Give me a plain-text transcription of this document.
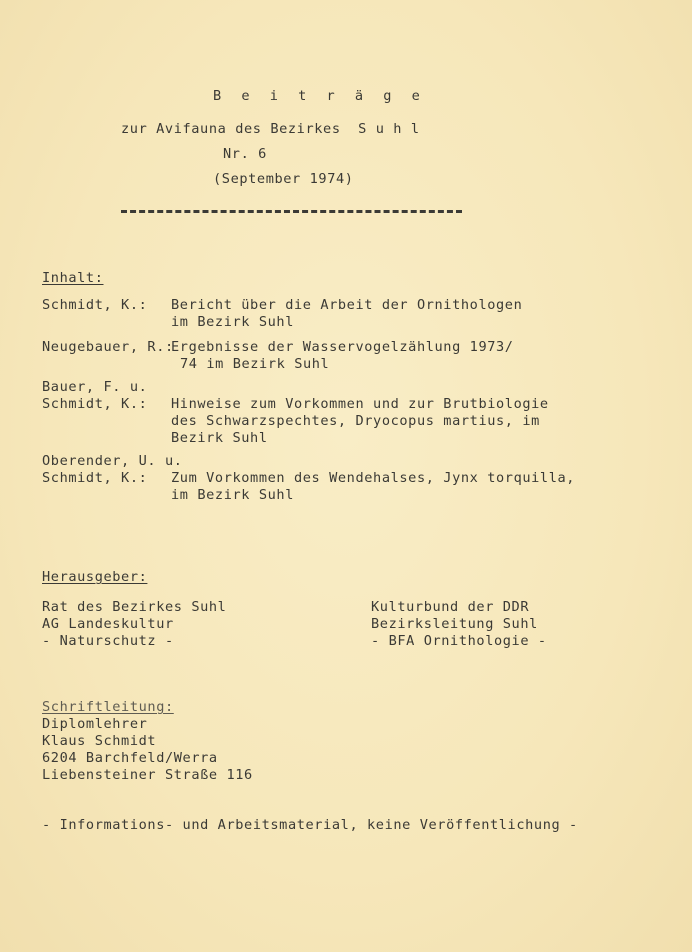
B e i t r ä g e
zur Avifauna des Bezirkes  S u h l
Nr. 6
(September 1974)
Inhalt:
Schmidt, K.: Bericht über die Arbeit der Ornithologen
im Bezirk Suhl
Neugebauer, R.:
Ergebnisse der Wasservogelzählung 1973/
74 im Bezirk Suhl
Bauer, F. u.
Schmidt, K.: Hinweise zum Vorkommen und zur Brutbiologie
des Schwarzspechtes, Dryocopus martius, im
Bezirk Suhl
Oberender, U. u.
Schmidt, K.: Zum Vorkommen des Wendehalses, Jynx torquilla,
im Bezirk Suhl
Herausgeber:
Rat des Bezirkes Suhl
AG Landeskultur
- Naturschutz -
Kulturbund der DDR
Bezirksleitung Suhl
- BFA Ornithologie -
Schriftleitung:
Diplomlehrer
Klaus Schmidt
6204 Barchfeld/Werra
Liebensteiner Straße 116
- Informations- und Arbeitsmaterial, keine Veröffentlichung -
